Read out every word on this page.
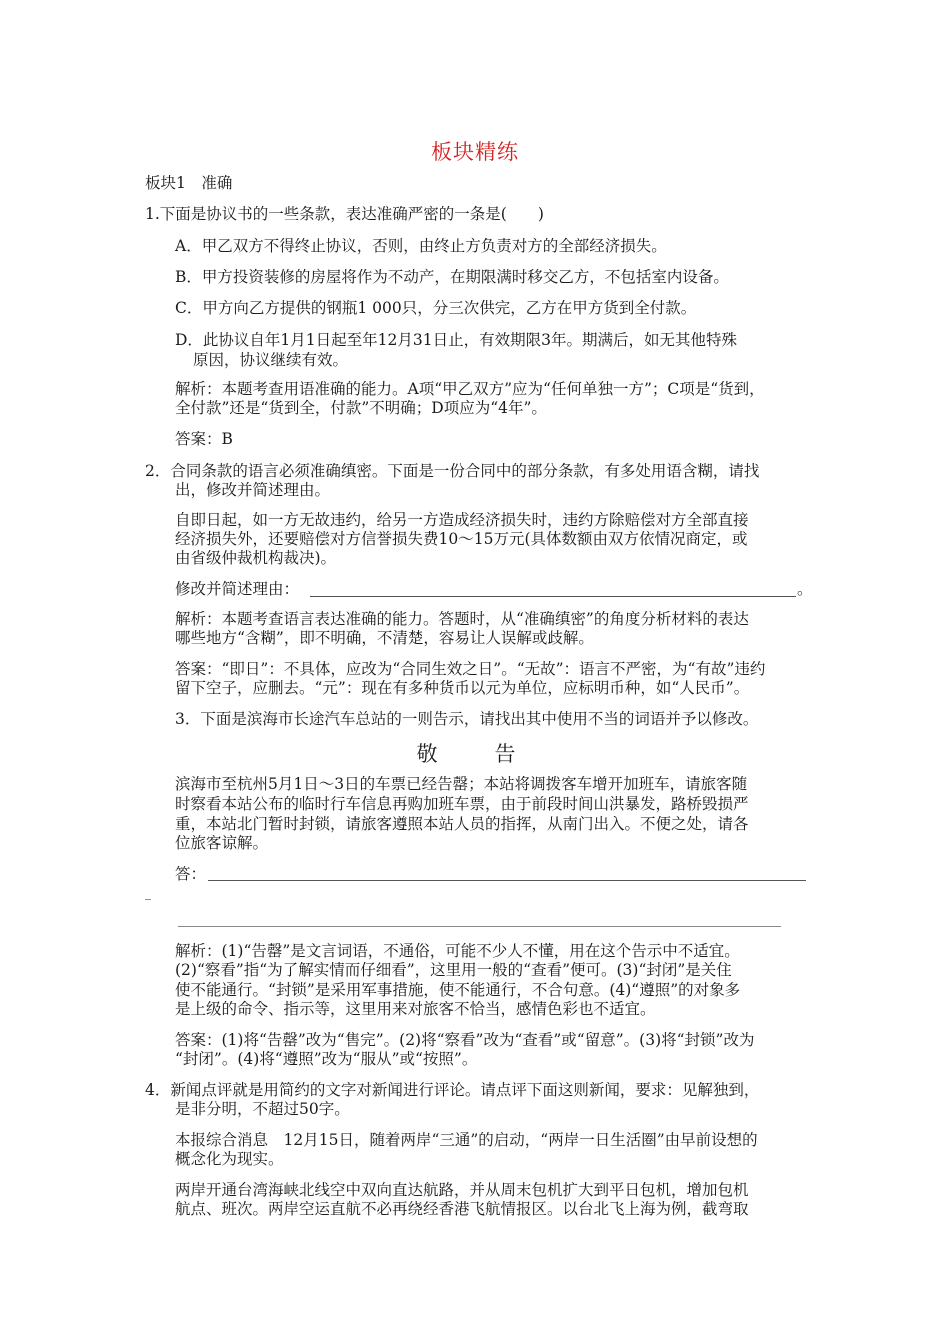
板块精练
板块1　准确
1.下面是协议书的一些条款，表达准确严密的一条是(　　)
A．甲乙双方不得终止协议，否则，由终止方负责对方的全部经济损失。
B．甲方投资装修的房屋将作为不动产，在期限满时移交乙方，不包括室内设备。
C．甲方向乙方提供的钢瓶1 000只，分三次供完，乙方在甲方货到全付款。
D．此协议自年1月1日起至年12月31日止，有效期限3年。期满后，如无其他特殊
原因，协议继续有效。
解析：本题考查用语准确的能力。A项“甲乙双方”应为“任何单独一方”；C项是“货到，
全付款”还是“货到全，付款”不明确；D项应为“4年”。
答案：B
2．合同条款的语言必须准确缜密。下面是一份合同中的部分条款，有多处用语含糊，请找
出，修改并简述理由。
自即日起，如一方无故违约，给另一方造成经济损失时，违约方除赔偿对方全部直接
经济损失外，还要赔偿对方信誉损失费10～15万元(具体数额由双方依情况商定，或
由省级仲裁机构裁决)。
修改并简述理由：	。
解析：本题考查语言表达准确的能力。答题时，从“准确缜密”的角度分析材料的表达
哪些地方“含糊”，即不明确，不清楚，容易让人误解或歧解。
答案：“即日”：不具体，应改为“合同生效之日”。“无故”：语言不严密，为“有故”违约
留下空子，应删去。“元”：现在有多种货币以元为单位，应标明币种，如“人民币”。
3．下面是滨海市长途汽车总站的一则告示，请找出其中使用不当的词语并予以修改。
敬　告
滨海市至杭州5月1日～3日的车票已经告罄；本站将调拨客车增开加班车，请旅客随
时察看本站公布的临时行车信息再购加班车票，由于前段时间山洪暴发，路桥毁损严
重，本站北门暂时封锁，请旅客遵照本站人员的指挥，从南门出入。不便之处，请各
位旅客谅解。
答：
_
解析：(1)“告罄”是文言词语，不通俗，可能不少人不懂，用在这个告示中不适宜。
(2)“察看”指“为了解实情而仔细看”，这里用一般的“查看”便可。(3)“封闭”是关住
使不能通行。“封锁”是采用军事措施，使不能通行，不合句意。(4)“遵照”的对象多
是上级的命令、指示等，这里用来对旅客不恰当，感情色彩也不适宜。
答案：(1)将“告罄”改为“售完”。(2)将“察看”改为“查看”或“留意”。(3)将“封锁”改为
“封闭”。(4)将“遵照”改为“服从”或“按照”。
4．新闻点评就是用简约的文字对新闻进行评论。请点评下面这则新闻，要求：见解独到，
是非分明，不超过50字。
本报综合消息　12月15日，随着两岸“三通”的启动，“两岸一日生活圈”由早前设想的
概念化为现实。
两岸开通台湾海峡北线空中双向直达航路，并从周末包机扩大到平日包机，增加包机
航点、班次。两岸空运直航不必再绕经香港飞航情报区。以台北飞上海为例，截弯取
